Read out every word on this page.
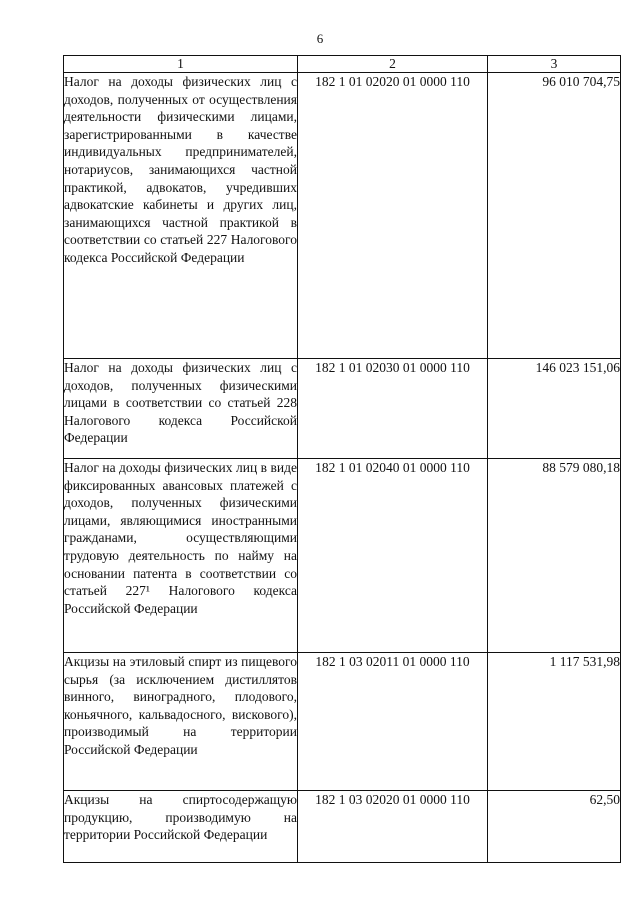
6
1	2	3
Налог на доходы физических лиц с доходов, полученных от осуществления деятельности физическими лицами, зарегистрированными в качестве индивидуальных предпринимателей, нотариусов, занимающихся частной практикой, адвокатов, учредивших адвокатские кабинеты и других лиц, занимающихся частной практикой в соответствии со статьей 227 Налогового кодекса Российской Федерации	182 1 01 02020 01 0000 110	96 010 704,75
Налог на доходы физических лиц с доходов, полученных физическими лицами в соответствии со статьей 228 Налогового кодекса Российской Федерации	182 1 01 02030 01 0000 110	146 023 151,06
Налог на доходы физических лиц в виде фиксированных авансовых платежей с доходов, полученных физическими лицами, являющимися иностранными гражданами, осуществляющими трудовую деятельность по найму на основании патента в соответствии со статьей 227¹ Налогового кодекса Российской Федерации	182 1 01 02040 01 0000 110	88 579 080,18
Акцизы на этиловый спирт из пищевого сырья (за исключением дистиллятов винного, виноградного, плодового, коньячного, кальвадосного, вискового), производимый на территории Российской Федерации	182 1 03 02011 01 0000 110	1 117 531,98
Акцизы на спиртосодержащую продукцию, производимую на территории Российской Федерации	182 1 03 02020 01 0000 110	62,50
